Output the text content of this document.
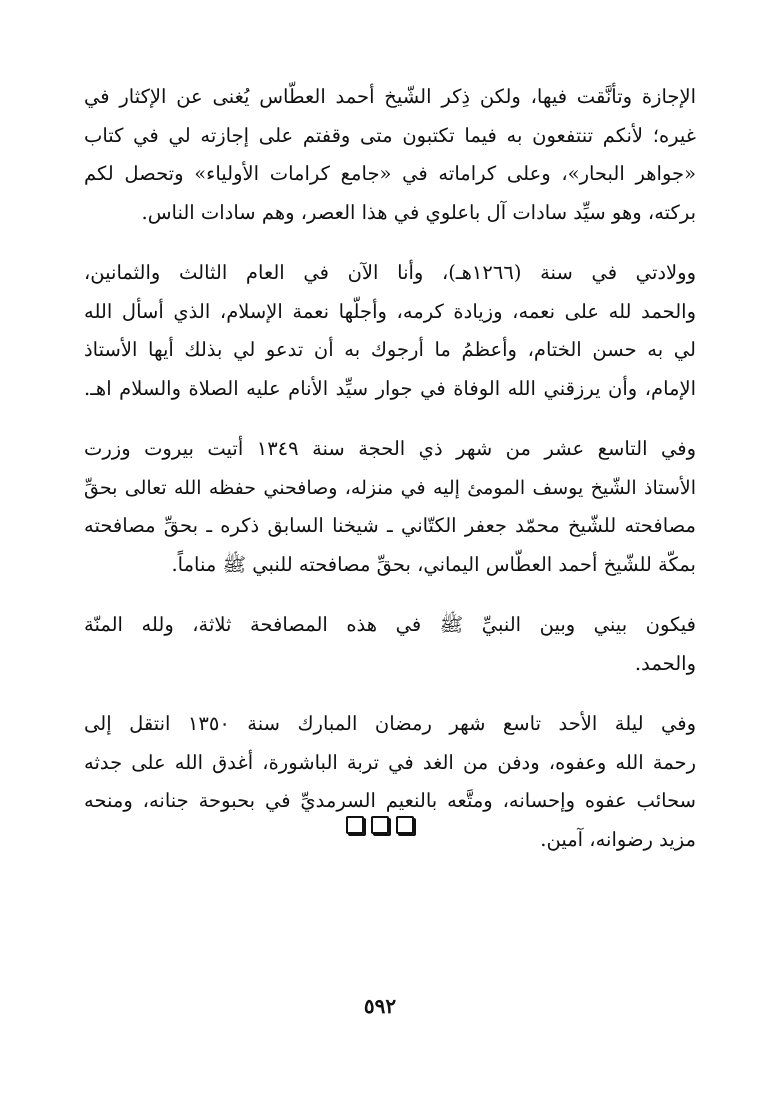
الإجازة وتأنَّقت فيها، ولكن ذِكر الشّيخ أحمد العطّاس يُغنى عن الإكثار في
غيره؛ لأنكم تنتفعون به فيما تكتبون متى وقفتم على إجازته لي في كتاب
«جواهر البحار»، وعلى كراماته في «جامع كرامات الأولياء» وتحصل لكم
بركته، وهو سيِّد سادات آل باعلوي في هذا العصر، وهم سادات الناس.

وولادتي في سنة (١٢٦٦هـ)، وأنا الآن في العام الثالث والثمانين،
والحمد لله على نعمه، وزيادة كرمه، وأجلّها نعمة الإسلام، الذي أسأل الله
لي به حسن الختام، وأعظمُ ما أرجوك به أن تدعو لي بذلك أيها الأستاذ
الإمام، وأن يرزقني الله الوفاة في جوار سيِّد الأنام عليه الصلاة والسلام اهـ.

وفي التاسع عشر من شهر ذي الحجة سنة ١٣٤٩ أتيت بيروت وزرت
الأستاذ الشّيخ يوسف المومئ إليه في منزله، وصافحني حفظه الله تعالى بحقِّ
مصافحته للشّيخ محمّد جعفر الكتّاني ـ شيخنا السابق ذكره ـ بحقِّ مصافحته
بمكّة للشّيخ أحمد العطّاس اليماني، بحقِّ مصافحته للنبي ﷺ مناماً.

فيكون بيني وبين النبيِّ ﷺ في هذه المصافحة ثلاثة، ولله المنّة
والحمد.

وفي ليلة الأحد تاسع شهر رمضان المبارك سنة ١٣٥٠ انتقل إلى
رحمة الله وعفوه، ودفن من الغد في تربة الباشورة، أغدق الله على جدثه
سحائب عفوه وإحسانه، ومتَّعه بالنعيم السرمديِّ في بحبوحة جنانه، ومنحه
مزيد رضوانه، آمين.

٥٩٢
